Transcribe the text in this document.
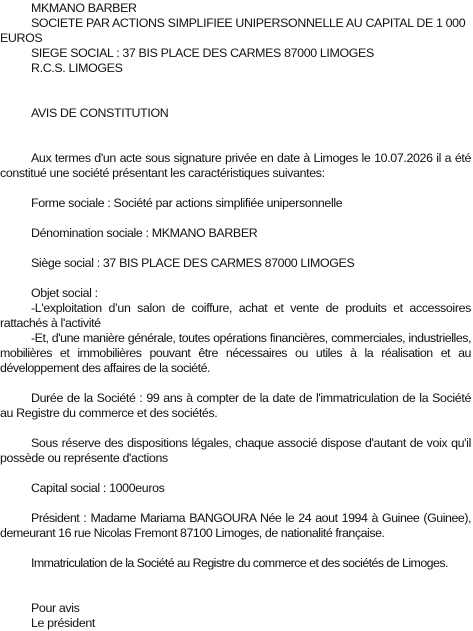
MKMANO BARBER

SOCIETE PAR ACTIONS SIMPLIFIEE UNIPERSONNELLE AU CAPITAL DE 1 000

EUROS

SIEGE SOCIAL : 37 BIS PLACE DES CARMES 87000 LIMOGES

R.C.S. LIMOGES

AVIS DE CONSTITUTION

Aux termes d'un acte sous signature privée en date à Limoges le 10.07.2026 il a été constitué une société présentant les caractéristiques suivantes:

Forme sociale : Société par actions simplifiée unipersonnelle

Dénomination sociale : MKMANO BARBER

Siège social : 37 BIS PLACE DES CARMES 87000 LIMOGES

Objet social :

-L'exploitation d’un salon de coiffure, achat et vente de produits et accessoires rattachés à l'activité

-Et, d'une manière générale, toutes opérations financières, commerciales, industrielles, mobilières et immobilières pouvant être nécessaires ou utiles à la réalisation et au développement des affaires de la société.

Durée de la Société : 99 ans à compter de la date de l'immatriculation de la Société au Registre du commerce et des sociétés.

Sous réserve des dispositions légales, chaque associé dispose d'autant de voix qu'il possède ou représente d'actions

Capital social : 1000euros

Président : Madame Mariama BANGOURA Née le 24 aout 1994 à Guinee (Guinee), demeurant 16 rue Nicolas Fremont 87100 Limoges, de nationalité française.

Immatriculation de la Société au Registre du commerce et des sociétés de Limoges.

Pour avis

Le président
